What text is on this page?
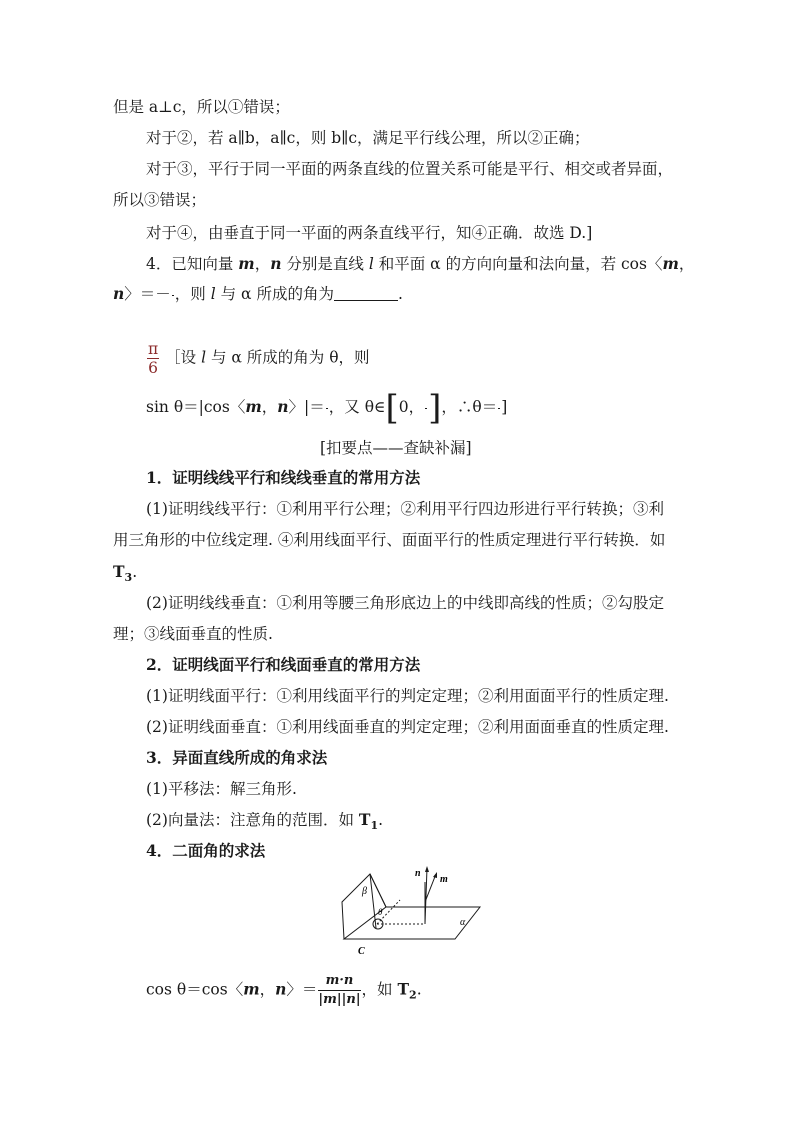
但是 a⊥c，所以①错误；
对于②，若 a∥b，a∥c，则 b∥c，满足平行线公理，所以②正确；
对于③，平行于同一平面的两条直线的位置关系可能是平行、相交或者异面，
所以③错误；
对于④，由垂直于同一平面的两条直线平行，知④正确．故选 D.]
4．已知向量 m，n 分别是直线 l 和平面 α 的方向向量和法向量，若 cos〈m，
n〉＝－ ，则 l 与 α 所成的角为	.
$\frac{\pi}{6}$ ［设 l 与 α 所成的角为 θ，则
sin θ＝|cos〈m，n〉|＝ ，又 θ∈[0， ]，∴θ＝ ]
[扣要点——查缺补漏]
1．证明线线平行和线线垂直的常用方法
(1)证明线线平行：①利用平行公理；②利用平行四边形进行平行转换；③利
用三角形的中位线定理. ④利用线面平行、面面平行的性质定理进行平行转换．如
$T_3$.
(2)证明线线垂直：①利用等腰三角形底边上的中线即高线的性质；②勾股定
理；③线面垂直的性质.
2．证明线面平行和线面垂直的常用方法
(1)证明线面平行：①利用线面平行的判定定理；②利用面面平行的性质定理.
(2)证明线面垂直：①利用线面垂直的判定定理；②利用面面垂直的性质定理.
3．异面直线所成的角求法
(1)平移法：解三角形.
(2)向量法：注意角的范围．如 $T_1$.
4．二面角的求法
n
m
β
θ
α
C
cos θ＝cos〈m，n〉＝ $\frac{m\cdot n}{|m||n|}$ ，如 $T_2$.
